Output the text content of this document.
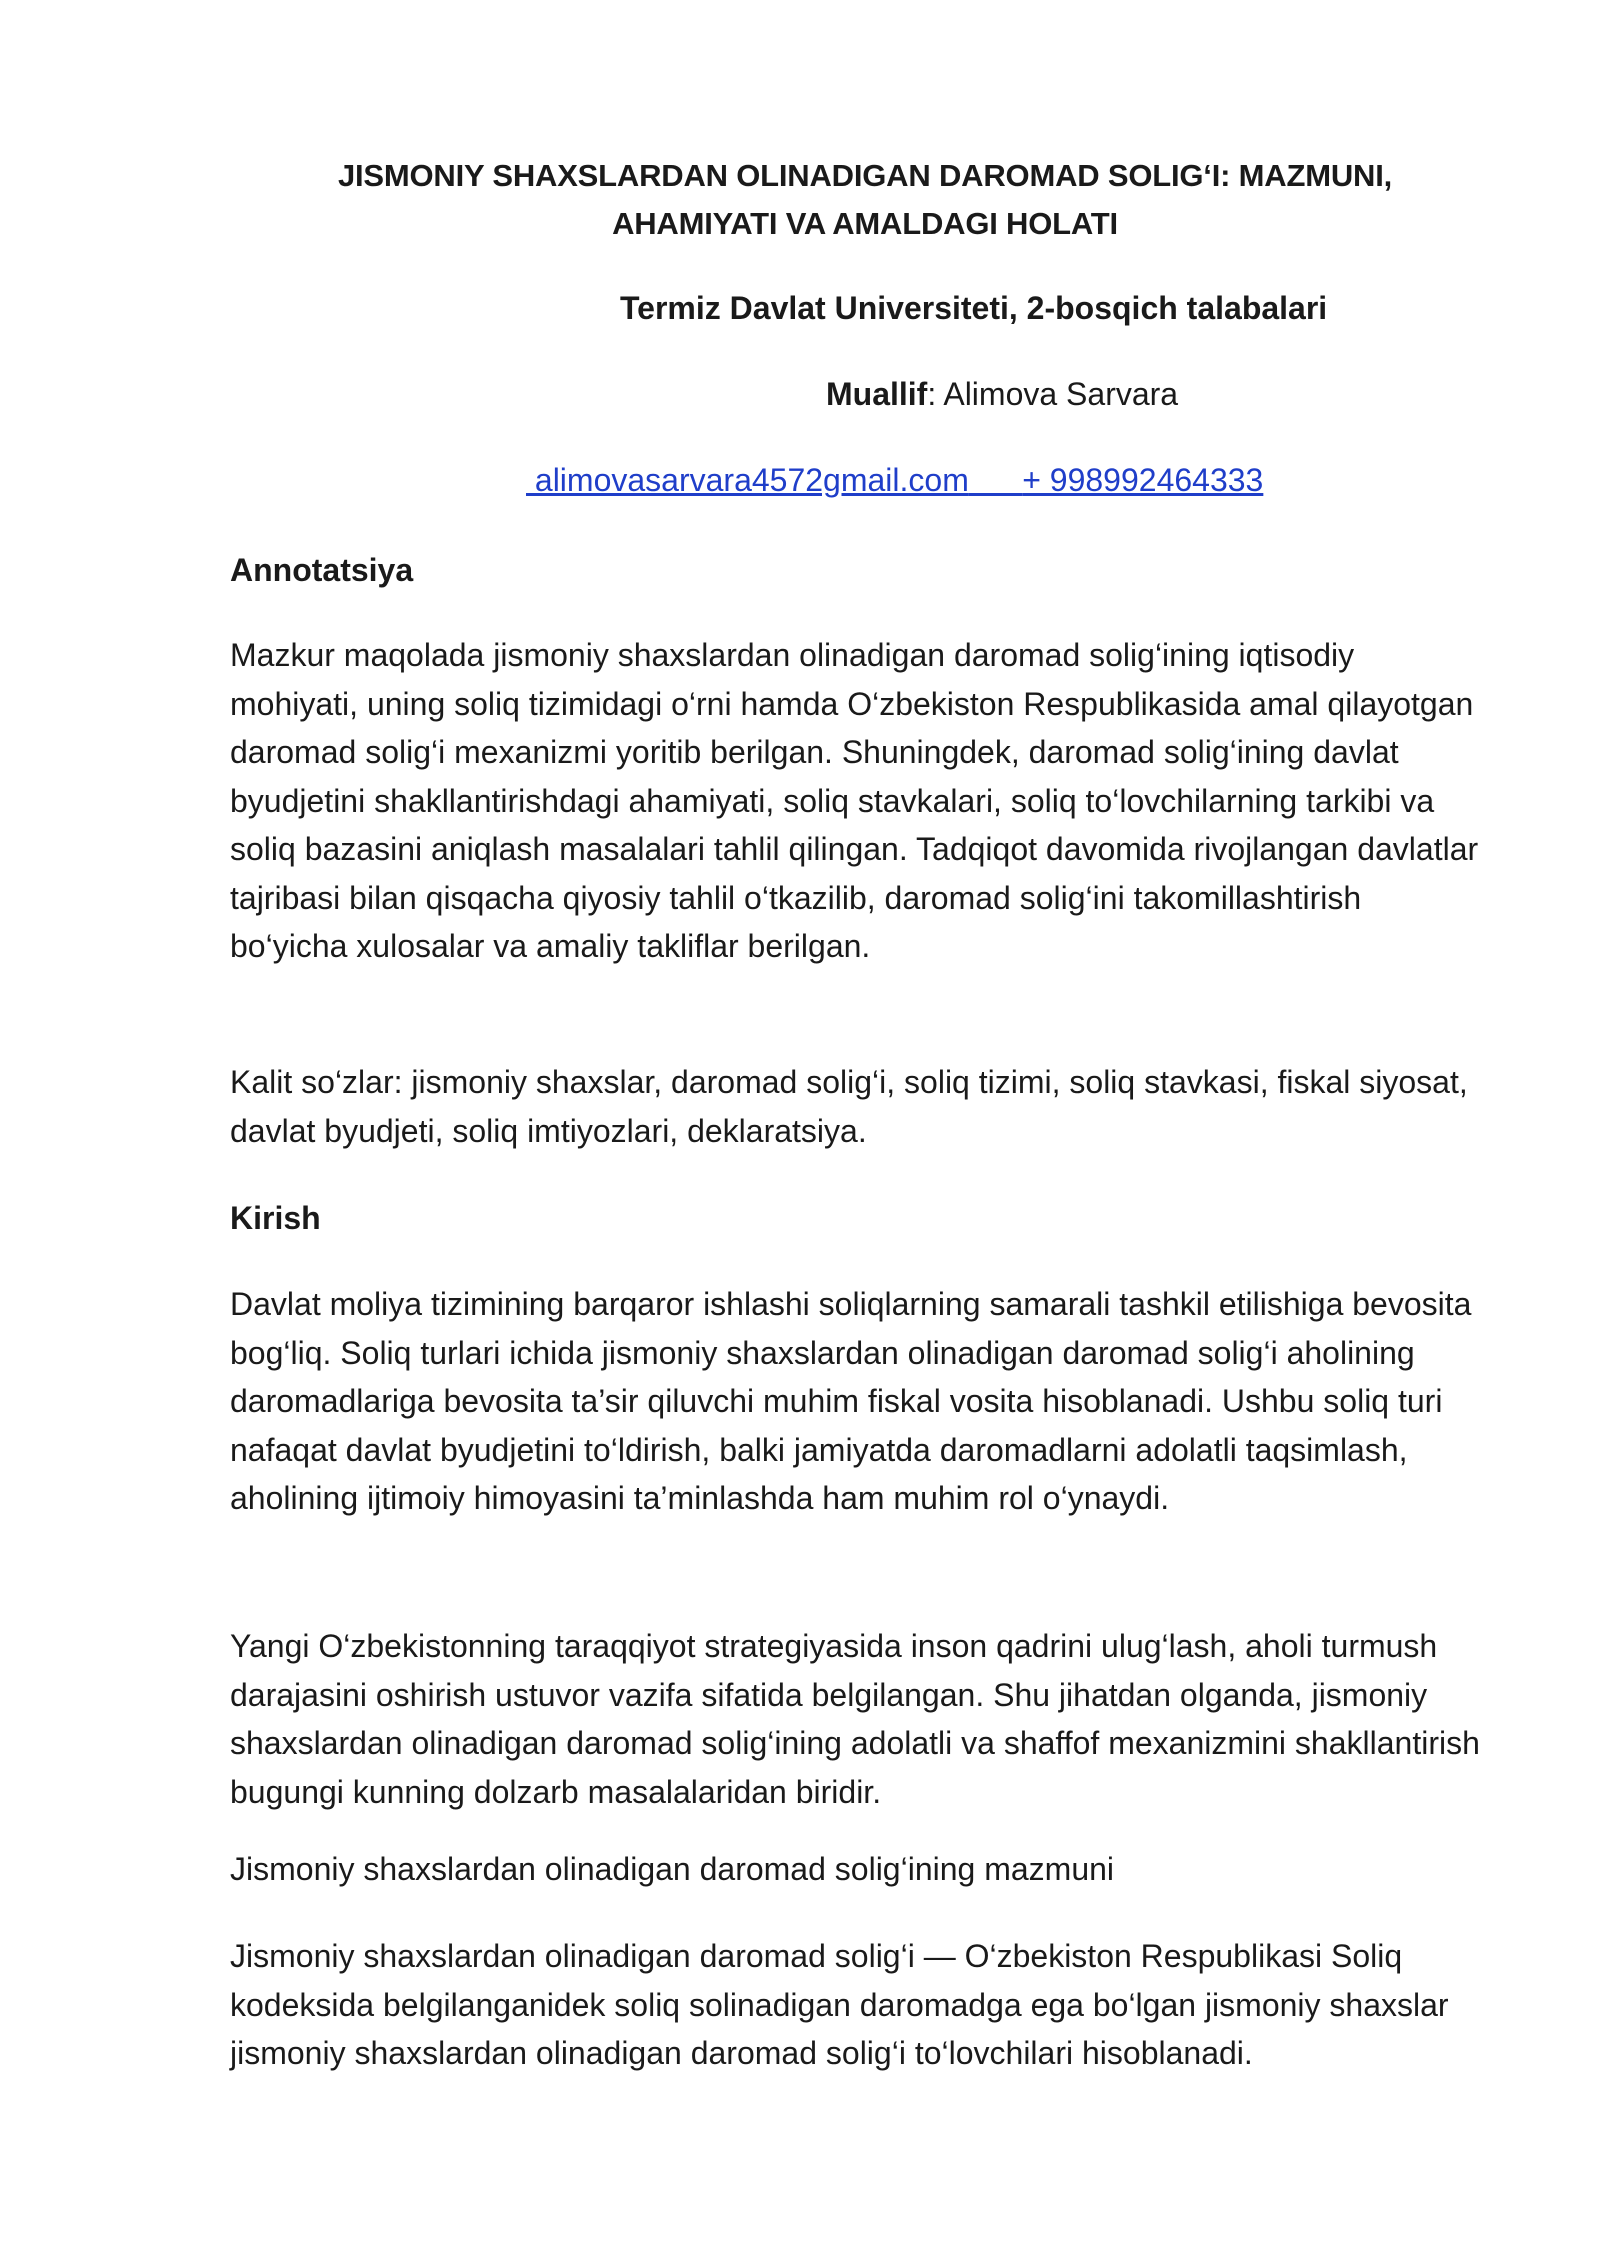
JISMONIY SHAXSLARDAN OLINADIGAN DAROMAD SOLIG‘I: MAZMUNI, AHAMIYATI VA AMALDAGI HOLATI
Termiz Davlat Universiteti, 2-bosqich talabalari
Muallif: Alimova Sarvara
alimovasarvara4572gmail.com + 998992464333

Annotatsiya

Mazkur maqolada jismoniy shaxslardan olinadigan daromad solig‘ining iqtisodiy mohiyati, uning soliq tizimidagi o‘rni hamda O‘zbekiston Respublikasida amal qilayotgan daromad solig‘i mexanizmi yoritib berilgan. Shuningdek, daromad solig‘ining davlat byudjetini shakllantirishdagi ahamiyati, soliq stavkalari, soliq to‘lovchilarning tarkibi va soliq bazasini aniqlash masalalari tahlil qilingan. Tadqiqot davomida rivojlangan davlatlar tajribasi bilan qisqacha qiyosiy tahlil o‘tkazilib, daromad solig‘ini takomillashtirish bo‘yicha xulosalar va amaliy takliflar berilgan.

Kalit so‘zlar: jismoniy shaxslar, daromad solig‘i, soliq tizimi, soliq stavkasi, fiskal siyosat, davlat byudjeti, soliq imtiyozlari, deklaratsiya.

Kirish

Davlat moliya tizimining barqaror ishlashi soliqlarning samarali tashkil etilishiga bevosita bog‘liq. Soliq turlari ichida jismoniy shaxslardan olinadigan daromad solig‘i aholining daromadlariga bevosita ta’sir qiluvchi muhim fiskal vosita hisoblanadi. Ushbu soliq turi nafaqat davlat byudjetini to‘ldirish, balki jamiyatda daromadlarni adolatli taqsimlash, aholining ijtimoiy himoyasini ta’minlashda ham muhim rol o‘ynaydi.

Yangi O‘zbekistonning taraqqiyot strategiyasida inson qadrini ulug‘lash, aholi turmush darajasini oshirish ustuvor vazifa sifatida belgilangan. Shu jihatdan olganda, jismoniy shaxslardan olinadigan daromad solig‘ining adolatli va shaffof mexanizmini shakllantirish bugungi kunning dolzarb masalalaridan biridir.

Jismoniy shaxslardan olinadigan daromad solig‘ining mazmuni

Jismoniy shaxslardan olinadigan daromad solig‘i — O‘zbekiston Respublikasi Soliq kodeksida belgilanganidek soliq solinadigan daromadga ega bo‘lgan jismoniy shaxslar jismoniy shaxslardan olinadigan daromad solig‘i to‘lovchilari hisoblanadi.
